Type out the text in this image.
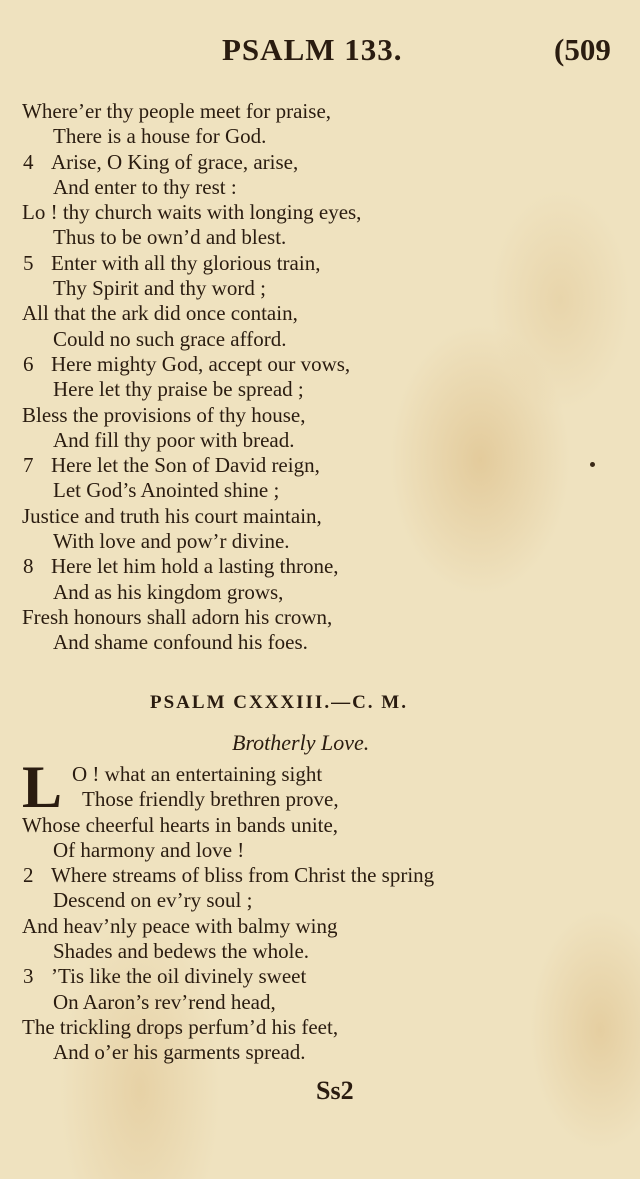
PSALM 133.	(509
Where’er thy people meet for praise,
There is a house for God.
4 Arise, O King of grace, arise,
And enter to thy rest :
Lo ! thy church waits with longing eyes,
Thus to be own’d and blest.
5 Enter with all thy glorious train,
Thy Spirit and thy word ;
All that the ark did once contain,
Could no such grace afford.
6 Here mighty God, accept our vows,
Here let thy praise be spread ;
Bless the provisions of thy house,
And fill thy poor with bread.
7 Here let the Son of David reign,
Let God’s Anointed shine ;
Justice and truth his court maintain,
With love and pow’r divine.
8 Here let him hold a lasting throne,
And as his kingdom grows,
Fresh honours shall adorn his crown,
And shame confound his foes.
PSALM CXXXIII.—C. M.
Brotherly Love.
L O ! what an entertaining sight
Those friendly brethren prove,
Whose cheerful hearts in bands unite,
Of harmony and love !
2 Where streams of bliss from Christ the spring
Descend on ev’ry soul ;
And heav’nly peace with balmy wing
Shades and bedews the whole.
3 ’Tis like the oil divinely sweet
On Aaron’s rev’rend head,
The trickling drops perfum’d his feet,
And o’er his garments spread.
Ss2
